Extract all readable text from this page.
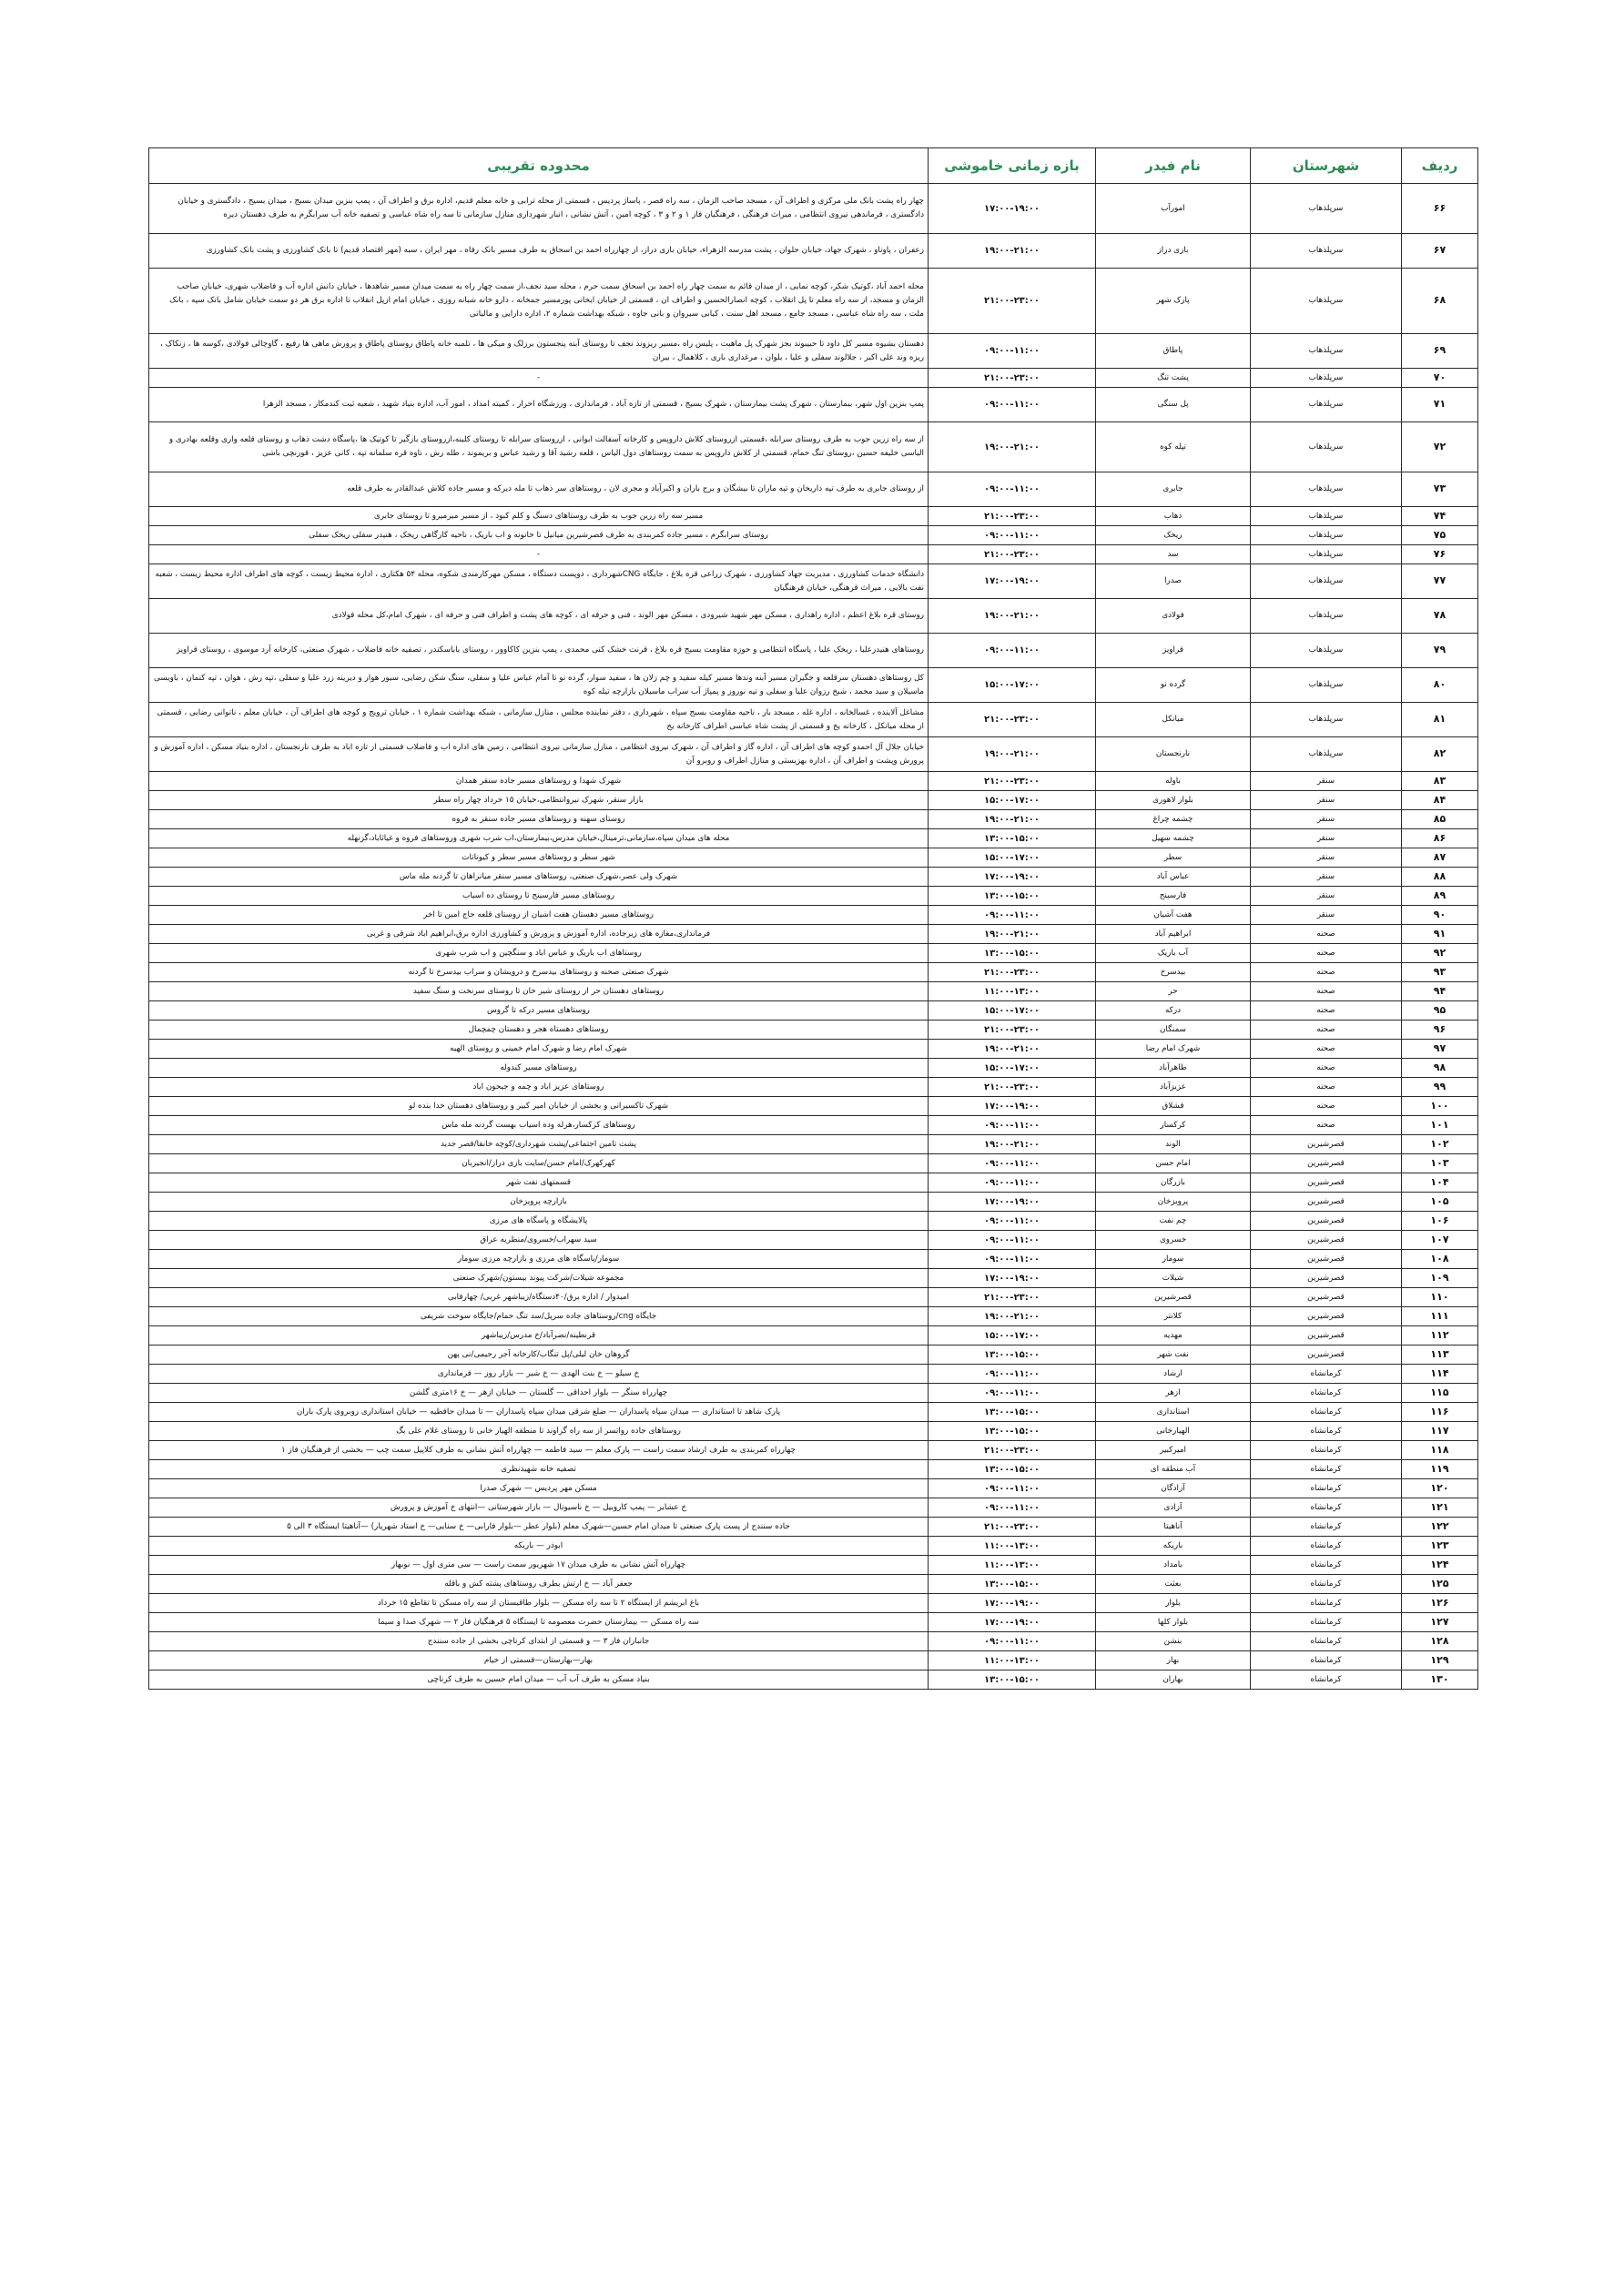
ردیف	شهرستان	نام فیدر	بازه زمانی خاموشی	محدوده تقریبی
۶۶	سرپلذهاب	امورآب	۱۷:۰۰-۱۹:۰۰	چهار راه پشت بانک ملی مرکزی و اطراف آن ، مسجد صاحب الزمان ، سه راه قصر ، پاساژ پردیس ، قسمتی از محله ترابی و خانه معلم قدیم، اداره برق و اطراف آن ، پمپ بنزین میدان بسیج ، میدان بسیج ، دادگستری و خیابان دادگستری ، فرماندهی نیروی انتظامی ، میراث فرهنگی ، فرهنگیان فاز ۱ و ۲ و ۳ ، کوچه امین ، آتش نشانی ، انبار شهرداری منازل سازمانی تا سه راه شاه عباسی و تصفیه خانه آب سرابگرم به طرف دهستان دیره
۶۷	سرپلذهاب	بازی دراز	۱۹:۰۰-۲۱:۰۰	زعفران ، پاوناو ، شهرک جهاد، خیابان حلوان ، پشت مدرسه الزهراء، خیابان بازی دراز، از چهارراه احمد بن اسحاق به طرف مسیر بانک رفاه ، مهر ایران ، سبه (مهر اقتصاد قدیم) تا بانک کشاورزی و پشت بانک کشاورزی
۶۸	سرپلذهاب	پارک شهر	۲۱:۰۰-۲۳:۰۰	محله احمد آباد ،کوتیک شکر، کوچه نمایی ، از میدان قائم به سمت چهار راه احمد بن اسحاق سمت حرم ، محله سید نجف،از سمت چهار راه به سمت میدان مسیر شاهدها ، خیابان دانش اداره آب و فاضلاب شهری، خیابان صاحب الزمان و مسجد، از سه راه معلم تا پل انقلاب ، کوچه انصارالحسین و اطراف ان ، قسمتی از خیابان ایخانی پورمسیر جمخانه ، دارو خانه شبانه روزی ، خیابان امام ازپل انقلاب تا اداره برق هر دو سمت خیابان شامل بانک سپه ، بانک ملت ، سه راه شاه عباسی ، مسجد جامع ، مسجد اهل سنت ، کبابی سیروان و بانی جاوه ، شبکه بهداشت شماره ۲، اداره دارایی و مالیاتی
۶۹	سرپلذهاب	پاطاق	۰۹:۰۰-۱۱:۰۰	دهستان بشیوه مسیر کل داود تا حبیبوند بجز شهرک پل ماهیت ، پلیس راه ،مسیر ریزوند نجف تا روستای آبنه پنجستون برزلک و میکی ها ، تلمبه خانه پاطاق روستای پاطاق و پرورش ماهی ها رفیع ، گاوچالی فولادی ،کوسه ها ، زنکاک ، ریزه وند علی اکبر ، جلالوند سفلی و علیا ، بلوان ، مرغداری باری ، کلاهمال ، بیران
۷۰	سرپلذهاب	پشت تنگ	۲۱:۰۰-۲۳:۰۰	-
۷۱	سرپلذهاب	پل سنگی	۰۹:۰۰-۱۱:۰۰	پمپ بنزین اول شهر، بیمارستان ، شهرک پشت بیمارستان ، شهرک بسیج ، قسمتی از تازه آباد ، فرمانداری ، ورزشگاه احرار ، کمیته امداد ، امور آب، اداره بنیاد شهید ، شعبه ثبت کندمکار ، مسجد الزهرا
۷۲	سرپلذهاب	تپله کوه	۱۹:۰۰-۲۱:۰۰	از سه راه زرین جوب به طرف روستای سرابله ،قسمتی ازروستای کلاش داروپس و کارخانه آسفالت ابوانی ، ازروستای سرابله تا روستای کلینه،ازروستای بازگیر تا کوتیک ها ،پاسگاه دشت ذهاب و روستای قلعه واری وقلعه بهادری و الیاسی خلیفه حسین ،روستای تنگ حمام، قسمتی از کلاش داروپس به سمت روستاهای دول الیاس ، قلعه رشید آقا و رشید عباس و بریموند ، طله رش ، ناوه قره سلمانه تپه ، کانی عزیز ، قورنچی باشی
۷۳	سرپلذهاب	جابری	۰۹:۰۰-۱۱:۰۰	از روستای جابری به طرف تپه داریخان و تپه ماران تا بیشگان و برج باران و اکبرآباد و مجری لان ، روستاهای سر ذهاب تا مله دیرکه و مسیر جاده کلاش عبدالقادر به طرف قلعه
۷۴	سرپلذهاب	ذهاب	۲۱:۰۰-۲۳:۰۰	مسیر سه راه زرین جوب به طرف روستاهای دسنگ و کلم کبود ، از مسیر میرمیرو تا روستای جابری
۷۵	سرپلذهاب	ریخک	۰۹:۰۰-۱۱:۰۰	روستای سرابگرم ، مسیر جاده کمربندی به طرف قصرشیرین میانیل تا خانونه و اب باریک ، ناحیه کارگاهی ریخک ، هنیدر سفلی ریخک سفلی
۷۶	سرپلذهاب	سد	۲۱:۰۰-۲۳:۰۰	-
۷۷	سرپلذهاب	صدرا	۱۷:۰۰-۱۹:۰۰	دانشگاه خدمات کشاورزی ، مدیریت جهاد کشاورزی ، شهرک زراعی قره بلاغ ، جایگاه CNGشهرداری ، دوپست دستگاه ، مسکن مهرکارمندی شکوه، محله ۵۴ هکتاری ، اداره محیط زیست ، کوچه های اطراف اداره محیط زیست ، شعبه نفت بالایی ، میراث فرهنگی، خیابان فرهنگیان
۷۸	سرپلذهاب	فولادی	۱۹:۰۰-۲۱:۰۰	روستای قره بلاغ اعظم ، اداره راهداری ، مسکن مهر شهید شیرودی ، مسکن مهر الوند ، فنی و حرفه ای ، کوچه های پشت و اطراف فنی و حرفه ای ، شهرک امام،کل محله فولادی
۷۹	سرپلذهاب	قراویز	۰۹:۰۰-۱۱:۰۰	روستاهای هنیدرعلیا ، ریخک علیا ، پاسگاه انتظامی و حوزه مقاومت بسیج قره بلاغ ، قرنت خشک کنی محمدی ، پمپ بنزین کاکاوور ، روستای باباسکندر ، تصفیه خانه فاضلاب ، شهرک صنعتی، کارخانه آرد موسوی ، روستای قراویز
۸۰	سرپلذهاب	گرده نو	۱۵:۰۰-۱۷:۰۰	کل روستاهای دهستان سرقلعه و جگیران مسیر آبنه وندها مسیر کیله سفید و چم زلان ها ، سفید سوار، گرده نو تا آمام عباس علیا و سفلی، سنگ شکن رضایی، سیور هوار و دیرینه زرد علیا و سفلی ،تپه رش ، هوان ، تپه کنمان ، باویسی ماسیلان و سید محمد ، شیخ رزوان علیا و سفلی و تیه نوروز و پمپاژ آب سراب ماسیلان بازارچه تیله کوه
۸۱	سرپلذهاب	میانکل	۲۱:۰۰-۲۳:۰۰	مشاغل آلاینده ، غسالخانه ، اداره غله ، مسجد بار ، ناحیه مقاومت بسیج سپاه ، شهرداری ، دفتر نماینده مجلس ، منازل سازمانی ، شبکه بهداشت شماره ۱ ، خیابان ترویج و کوچه های اطراف آن ، خیابان معلم ، ناتوانی رضایی ، قسمتی از محله میانکل ، کارخانه یخ و قسمتی از پشت شاه عباسی اطراف کارخانه یخ
۸۲	سرپلذهاب	نارنجستان	۱۹:۰۰-۲۱:۰۰	خیابان جلال آل احمدو کوچه های اطراف آن ، اداره گاز و اطراف آن ، شهرک نیروی انتظامی ، منازل سازمانی نیروی انتظامی ، زمین های اداره اب و فاضلاب قسمتی از تازه اباد به طرف نارنجستان ، اداره بنیاد مسکن ، اداره آموزش و پرورش وپشت و اطراف آن ، اداره بهزیستی و منازل اطراف و روبرو آن
۸۳	سنقر	باوله	۲۱:۰۰-۲۳:۰۰	شهرک شهدا و روستاهای مسیر جاده سنقر همدان
۸۴	سنقر	بلوار لاهوری	۱۵:۰۰-۱۷:۰۰	بازار سنقر، شهرک نیروانتظامی،خیابان ۱۵ خرداد چهار راه سطر
۸۵	سنقر	چشمه چراغ	۱۹:۰۰-۲۱:۰۰	روستای سهنه و روستاهای مسیر جاده سنقر به فروه
۸۶	سنقر	چشمه سهیل	۱۳:۰۰-۱۵:۰۰	محله های میدان سپاه،سازمانی،ترمینال،خیابان مدرس،بیمارستان،اب شرب شهری وروستاهای فروه و غیاثاباد،گزنهله
۸۷	سنقر	سطر	۱۵:۰۰-۱۷:۰۰	شهر سطر و روستاهای مسیر سطر و کیوناتات
۸۸	سنقر	عباس آباد	۱۷:۰۰-۱۹:۰۰	شهرک ولی عصر،شهرک صنعتی، روستاهای مسیر سنقر میانراهان تا گردنه مله ماس
۸۹	سنقر	فارسینج	۱۳:۰۰-۱۵:۰۰	روستاهای مسیر فارسینج تا روستای ده اسیاب
۹۰	سنقر	هفت آشیان	۰۹:۰۰-۱۱:۰۰	روستاهای مسیر دهستان هفت اشیان از روستای قلعه حاج امین تا اخر
۹۱	صحنه	ابراهیم آباد	۱۹:۰۰-۲۱:۰۰	فرمانداری،مغازه های زیرجاده، اداره آموزش و پرورش و کشاورزی اداره برق،ابراهیم اباد شرقی و غربی
۹۲	صحنه	آب باریک	۱۳:۰۰-۱۵:۰۰	روستاهای اب باریک و عباس اباد و سنگچین و اب شرب شهری
۹۳	صحنه	بیدسرخ	۲۱:۰۰-۲۳:۰۰	شهرک صنعتی صحنه و روستاهای بیدسرخ و درویشان و سراب بیدسرخ تا گردنه
۹۴	صحنه	حر	۱۱:۰۰-۱۳:۰۰	روستاهای دهستان حر از روستای شیر خان تا روستای سرنخت و سنگ سفید
۹۵	صحنه	درکه	۱۵:۰۰-۱۷:۰۰	روستاهای مسیر درکه تا گروس
۹۶	صحنه	سمنگان	۲۱:۰۰-۲۳:۰۰	روستاهای دهستاه هجر و دهستان چمچمال
۹۷	صحنه	شهرک امام رضا	۱۹:۰۰-۲۱:۰۰	شهرک امام رضا و شهرک امام خمینی و روستای الهیه
۹۸	صحنه	طاهرآباد	۱۵:۰۰-۱۷:۰۰	روستاهای مسیر کندوله
۹۹	صحنه	عزیزآباد	۲۱:۰۰-۲۳:۰۰	روستاهای عزیز اباد و چمه و جیحون اباد
۱۰۰	صحنه	قشلاق	۱۷:۰۰-۱۹:۰۰	شهرک تاکسیرانی و بخشی از خیابان امیر کبیر و روستاهای دهستان خدا بنده لو
۱۰۱	صحنه	کرکسار	۰۹:۰۰-۱۱:۰۰	روستاهای کرکسار،هرله وده اسیاب بهست گردنه مله ماس
۱۰۲	قصرشیرین	الوند	۱۹:۰۰-۲۱:۰۰	پشت تامین اجتماعی/پشت شهرداری/کوچه خانقا/قصر جدید
۱۰۳	قصرشیرین	امام حسن	۰۹:۰۰-۱۱:۰۰	کهرکهرک/امام حسن/سایت بازی دراز/انجیربان
۱۰۴	قصرشیرین	بازرگان	۰۹:۰۰-۱۱:۰۰	قسمتهای نفت شهر
۱۰۵	قصرشیرین	پرویزخان	۱۷:۰۰-۱۹:۰۰	بازارچه پرویزخان
۱۰۶	قصرشیرین	چم نفت	۰۹:۰۰-۱۱:۰۰	پالایشگاه و پاسگاه های مرزی
۱۰۷	قصرشیرین	خسروی	۰۹:۰۰-۱۱:۰۰	سید سهراب/خسروی/منظریه عراق
۱۰۸	قصرشیرین	سومار	۰۹:۰۰-۱۱:۰۰	سومار/پاسگاه های مرزی و بازارچه مرزی سومار
۱۰۹	قصرشیرین	شیلات	۱۷:۰۰-۱۹:۰۰	مجموعه شیلات/شرکت پیوند بیستون/شهرک صنعتی
۱۱۰	قصرشیرین	قصرشیرین	۲۱:۰۰-۲۳:۰۰	امیدوار / اداره برق/۴۰دستگاه/زیباشهر غربی/ چهارقابی
۱۱۱	قصرشیرین	کلانتر	۱۹:۰۰-۲۱:۰۰	جایگاه cng/روستاهای جاده سرپل/سد تنگ حمام/جایگاه سوخت شریفی
۱۱۲	قصرشیرین	مهدیه	۱۵:۰۰-۱۷:۰۰	قرنطینه/نصرآباد/خ مدرس/زیباشهر
۱۱۳	قصرشیرین	نفت شهر	۱۳:۰۰-۱۵:۰۰	گروهان خان لیلی/پل تنگاب/کارخانه آجر رحیمی/نی پهن
۱۱۴	کرمانشاه	ارشاد	۰۹:۰۰-۱۱:۰۰	خ سیلو — خ بنت الهدی — خ شیر — بازار روز — فرمانداری
۱۱۵	کرمانشاه	ازهر	۰۹:۰۰-۱۱:۰۰	چهارراه سنگر — بلوار احداقی — گلستان — خیابان ازهر — خ ۱۶متری گلشن
۱۱۶	کرمانشاه	استانداری	۱۳:۰۰-۱۵:۰۰	پارک شاهد تا استانداری — میدان سپاه پاسداران — ضلع شرقی میدان سپاه پاسداران — تا میدان حافظیه — خیابان استانداری روبروی پارک باران
۱۱۷	کرمانشاه	الهیارخانی	۱۳:۰۰-۱۵:۰۰	روستاهای جاده رواتسر از سه راه گراوند تا منطقه الهیار خانی تا روستای غلام علی بگ
۱۱۸	کرمانشاه	امیرکبیر	۲۱:۰۰-۲۳:۰۰	چهارراه کمربندی به طرف ارشاد سمت راست — پارک معلم — سید فاطمه — چهارراه آتش نشانی به طرف کلاپیل سمت چپ — بخشی از فرهنگیان فاز ۱
۱۱۹	کرمانشاه	آب منطقه ای	۱۳:۰۰-۱۵:۰۰	تصفیه خانه شهیدنظری
۱۲۰	کرمانشاه	آزادگان	۰۹:۰۰-۱۱:۰۰	مسکن مهر پردیس — شهرک صدرا
۱۲۱	کرمانشاه	آزادی	۰۹:۰۰-۱۱:۰۰	خ عشایر — پمپ کاروبیل — خ ناسیونال — بازار شهرستانی —انتهای خ آموزش و پرورش
۱۲۲	کرمانشاه	آناهیتا	۲۱:۰۰-۲۳:۰۰	جاده سنندج از پست پارک صنعتی تا میدان امام حسین—شهرک معلم (بلوار عطر —بلوار فارابی— خ سنایی— خ استاد شهریار) —آناهیتا ایستگاه ۳ الی ۵
۱۲۳	کرمانشاه	باریکه	۱۱:۰۰-۱۳:۰۰	ابوذر — باریکه
۱۲۴	کرمانشاه	بامداد	۱۱:۰۰-۱۳:۰۰	چهارراه آتش نشانی به طرف میدان ۱۷ شهریور سمت راست — سی متری اول — نوبهار
۱۲۵	کرمانشاه	بعثت	۱۳:۰۰-۱۵:۰۰	جعفر آباد — خ ارتش بطرف روستاهای پشته کش و باقله
۱۲۶	کرمانشاه	بلوار	۱۷:۰۰-۱۹:۰۰	باغ ابریشم از ایستگاه ۲ تا سه راه مسکن — بلوار طاقبستان از سه راه مسکن تا تقاطع ۱۵ خرداد
۱۲۷	کرمانشاه	بلوار کلها	۱۷:۰۰-۱۹:۰۰	سه راه مسکن — بیمارستان حضرت معصومه تا ایستگاه ۵ فرهنگیان فاز ۲ — شهرک صدا و سیما
۱۲۸	کرمانشاه	بنشن	۰۹:۰۰-۱۱:۰۰	جانبازان فاز ۳ — و قسمتی از ابتدای کرناچی بخشی از جاده سنندج
۱۲۹	کرمانشاه	بهار	۱۱:۰۰-۱۳:۰۰	بهار—بهارستان—قسمتی از خیام
۱۳۰	کرمانشاه	بهاران	۱۳:۰۰-۱۵:۰۰	بنیاد مسکن به طرف آب آب — میدان امام حسین به طرف کرناچی
